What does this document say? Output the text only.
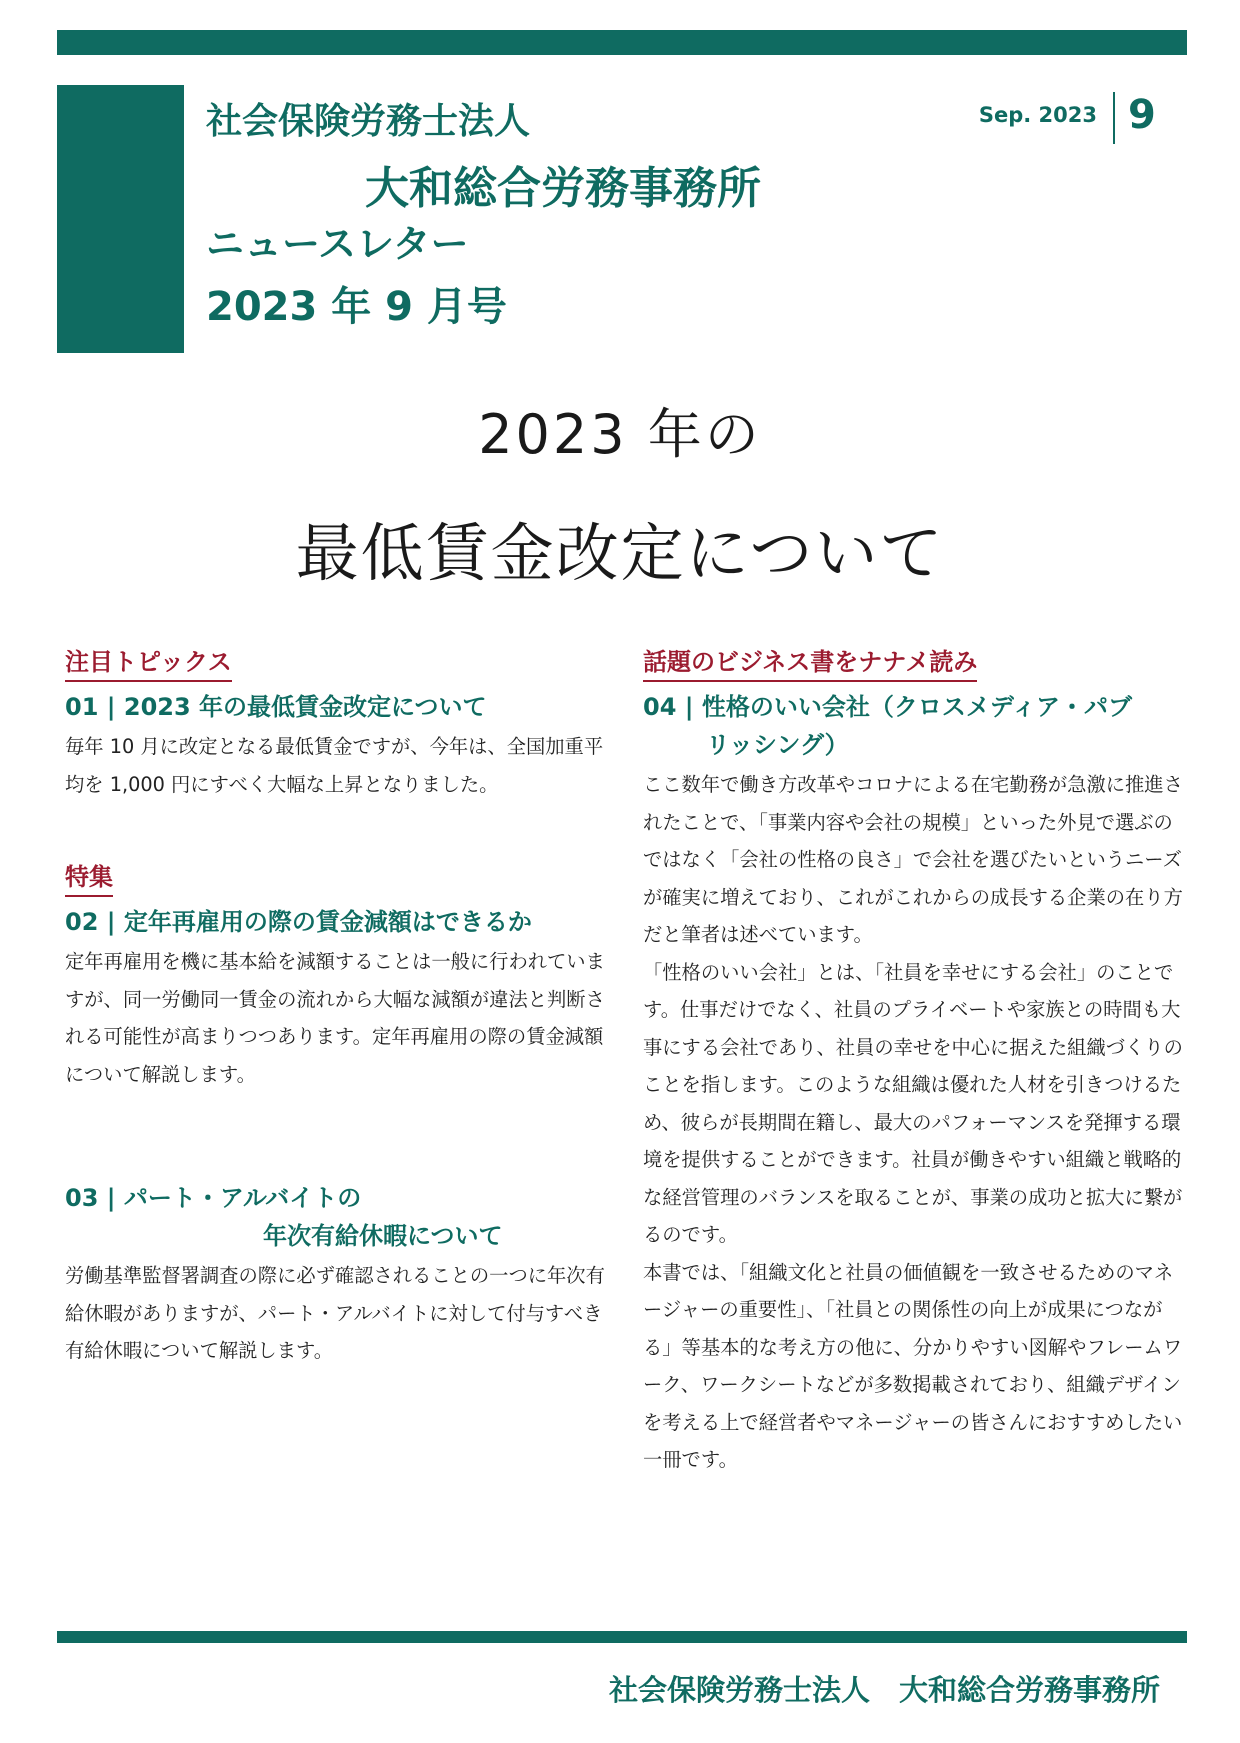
社会保険労務士法人
大和総合労務事務所
ニュースレター
2023 年 9 月号
Sep. 2023 9
2023 年の
最低賃金改定について
注目トピックス
01 | 2023 年の最低賃金改定について
毎年 10 月に改定となる最低賃金ですが、今年は、全国加重平均を 1,000 円にすべく大幅な上昇となりました。
特集
02 | 定年再雇用の際の賃金減額はできるか
定年再雇用を機に基本給を減額することは一般に行われていますが、同一労働同一賃金の流れから大幅な減額が違法と判断される可能性が高まりつつあります。定年再雇用の際の賃金減額について解説します。
03 | パート・アルバイトの
年次有給休暇について
労働基準監督署調査の際に必ず確認されることの一つに年次有給休暇がありますが、パート・アルバイトに対して付与すべき有給休暇について解説します。
話題のビジネス書をナナメ読み
04 | 性格のいい会社（クロスメディア・パブ
リッシング）

ここ数年で働き方改革やコロナによる在宅勤務が急激に推進されたことで、「事業内容や会社の規模」といった外見で選ぶのではなく「会社の性格の良さ」で会社を選びたいというニーズが確実に増えており、これがこれからの成長する企業の在り方だと筆者は述べています。

「性格のいい会社」とは、「社員を幸せにする会社」のことです。仕事だけでなく、社員のプライベートや家族との時間も大事にする会社であり、社員の幸せを中心に据えた組織づくりのことを指します。このような組織は優れた人材を引きつけるため、彼らが長期間在籍し、最大のパフォーマンスを発揮する環境を提供することができます。社員が働きやすい組織と戦略的な経営管理のバランスを取ることが、事業の成功と拡大に繋がるのです。

本書では、「組織文化と社員の価値観を一致させるためのマネージャーの重要性」、「社員との関係性の向上が成果につながる」等基本的な考え方の他に、分かりやすい図解やフレームワーク、ワークシートなどが多数掲載されており、組織デザインを考える上で経営者やマネージャーの皆さんにおすすめしたい一冊です。

社会保険労務士法人　大和総合労務事務所
